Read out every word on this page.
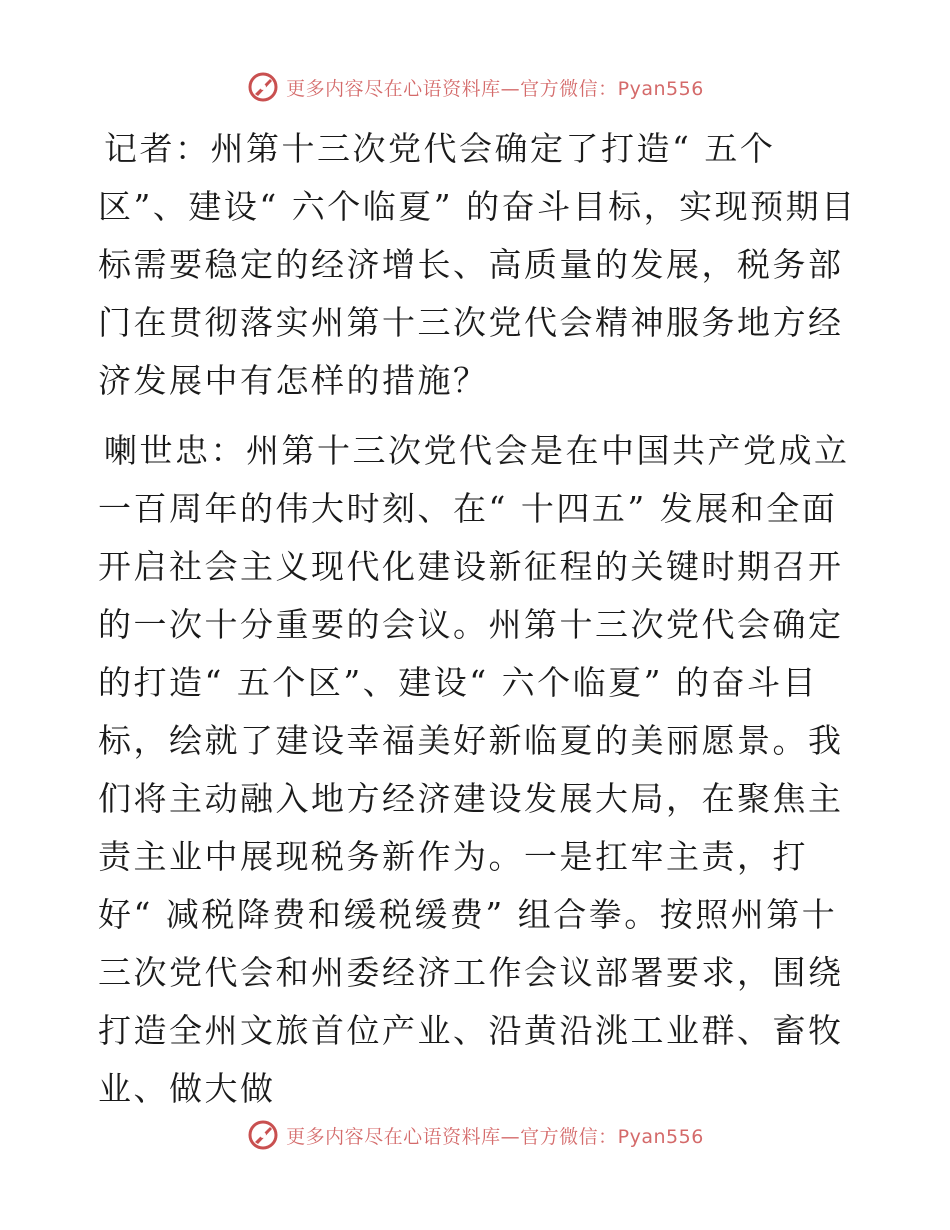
更多内容尽在心语资料库—官方微信：Pyan556

记者：州第十三次党代会确定了打造“ 五个区”、建设“ 六个临夏” 的奋斗目标，实现预期目标需要稳定的经济增长、高质量的发展，税务部门在贯彻落实州第十三次党代会精神服务地方经济发展中有怎样的措施？

喇世忠：州第十三次党代会是在中国共产党成立一百周年的伟大时刻、在“ 十四五” 发展和全面开启社会主义现代化建设新征程的关键时期召开的一次十分重要的会议。州第十三次党代会确定的打造“ 五个区”、建设“ 六个临夏” 的奋斗目标，绘就了建设幸福美好新临夏的美丽愿景。我们将主动融入地方经济建设发展大局，在聚焦主责主业中展现税务新作为。一是扛牢主责，打好“ 减税降费和缓税缓费” 组合拳。按照州第十三次党代会和州委经济工作会议部署要求，围绕打造全州文旅首位产业、沿黄沿洮工业群、畜牧业、做大做

更多内容尽在心语资料库—官方微信：Pyan556
